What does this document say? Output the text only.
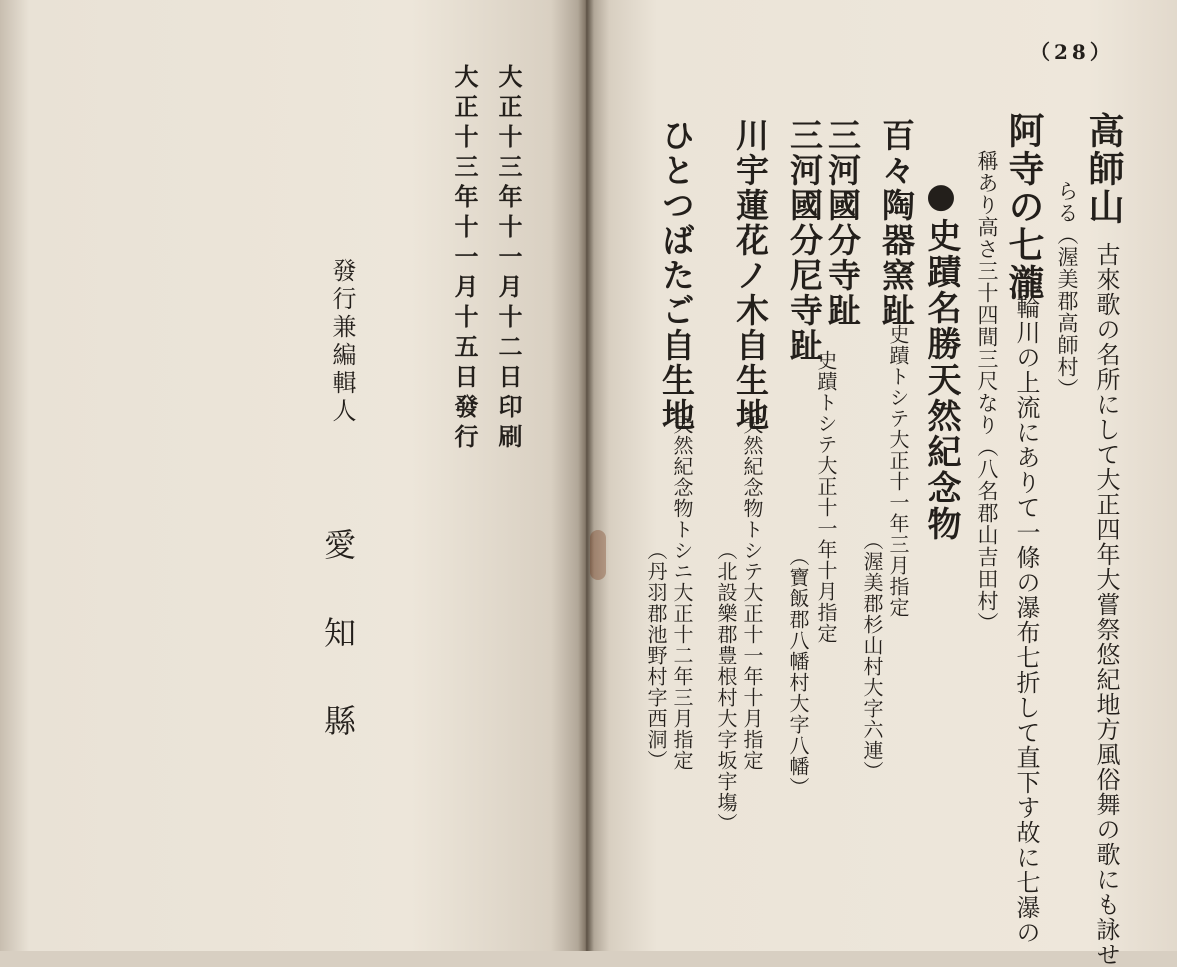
（28）
高師山
古來歌の名所にして大正四年大嘗祭悠紀地方風俗舞の歌にも詠せ
らる（渥美郡高師村）
阿寺の七瀧
三輪川の上流にありて一條の瀑布七折して直下す故に七瀑の
稱あり高さ三十四間三尺なり（八名郡山吉田村）
●史蹟名勝天然紀念物
百々陶器窯趾
史蹟トシテ大正十一年三月指定
（渥美郡杉山村大字六連）
三河國分寺趾
三河國分尼寺趾
史蹟トシテ大正十一年十月指定
（寶飯郡八幡村大字八幡）
川宇蓮花ノ木自生地
天然紀念物トシテ大正十一年十月指定
（北設樂郡豊根村大字坂宇塲）
ひとつばたご自生地
天然紀念物トシニ大正十二年三月指定
（丹羽郡池野村字西洞）
大正十三年十一月十二日印刷
大正十三年十一月十五日發行
發行兼編輯人
愛知縣
